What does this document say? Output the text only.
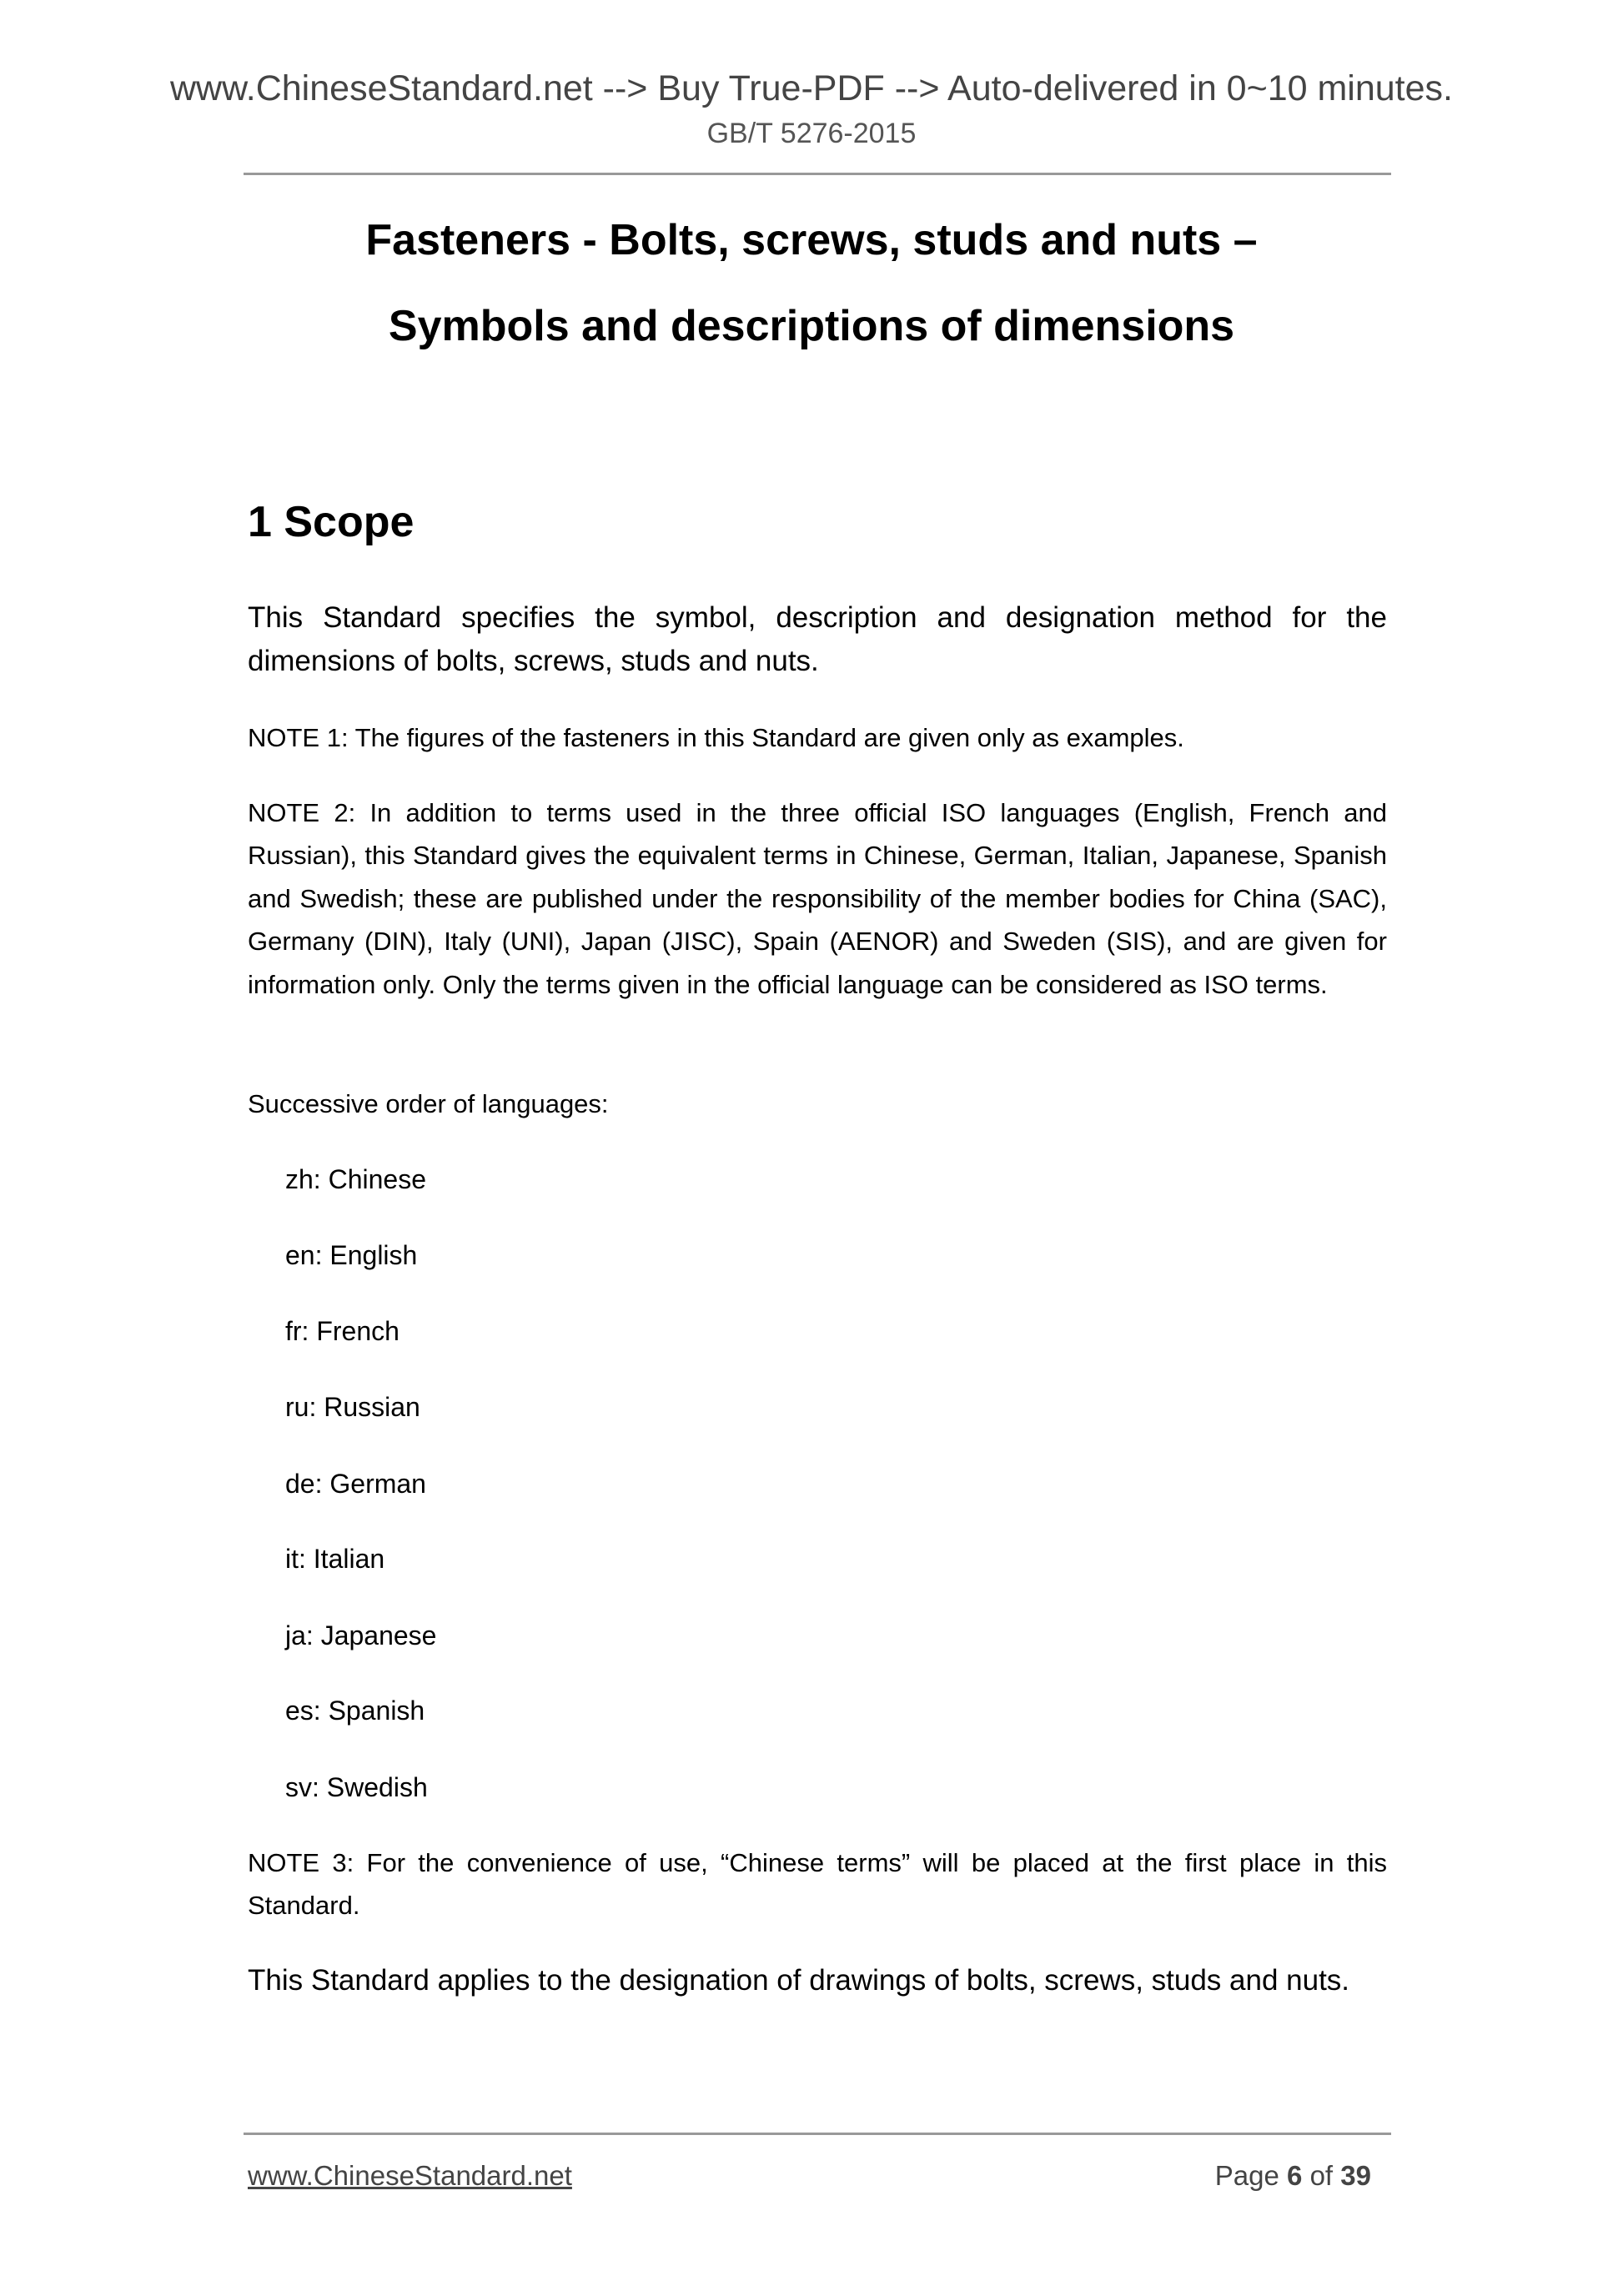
www.ChineseStandard.net --> Buy True-PDF --> Auto-delivered in 0~10 minutes.
GB/T 5276-2015
Fasteners - Bolts, screws, studs and nuts –
Symbols and descriptions of dimensions
1 Scope
This Standard specifies the symbol, description and designation method for the dimensions of bolts, screws, studs and nuts.
NOTE 1: The figures of the fasteners in this Standard are given only as examples.
NOTE 2: In addition to terms used in the three official ISO languages (English, French and Russian), this Standard gives the equivalent terms in Chinese, German, Italian, Japanese, Spanish and Swedish; these are published under the responsibility of the member bodies for China (SAC), Germany (DIN), Italy (UNI), Japan (JISC), Spain (AENOR) and Sweden (SIS), and are given for information only. Only the terms given in the official language can be considered as ISO terms.
Successive order of languages:
zh: Chinese
en: English
fr: French
ru: Russian
de: German
it: Italian
ja: Japanese
es: Spanish
sv: Swedish
NOTE 3: For the convenience of use, “Chinese terms” will be placed at the first place in this Standard.
This Standard applies to the designation of drawings of bolts, screws, studs and nuts.
www.ChineseStandard.net	Page 6 of 39
